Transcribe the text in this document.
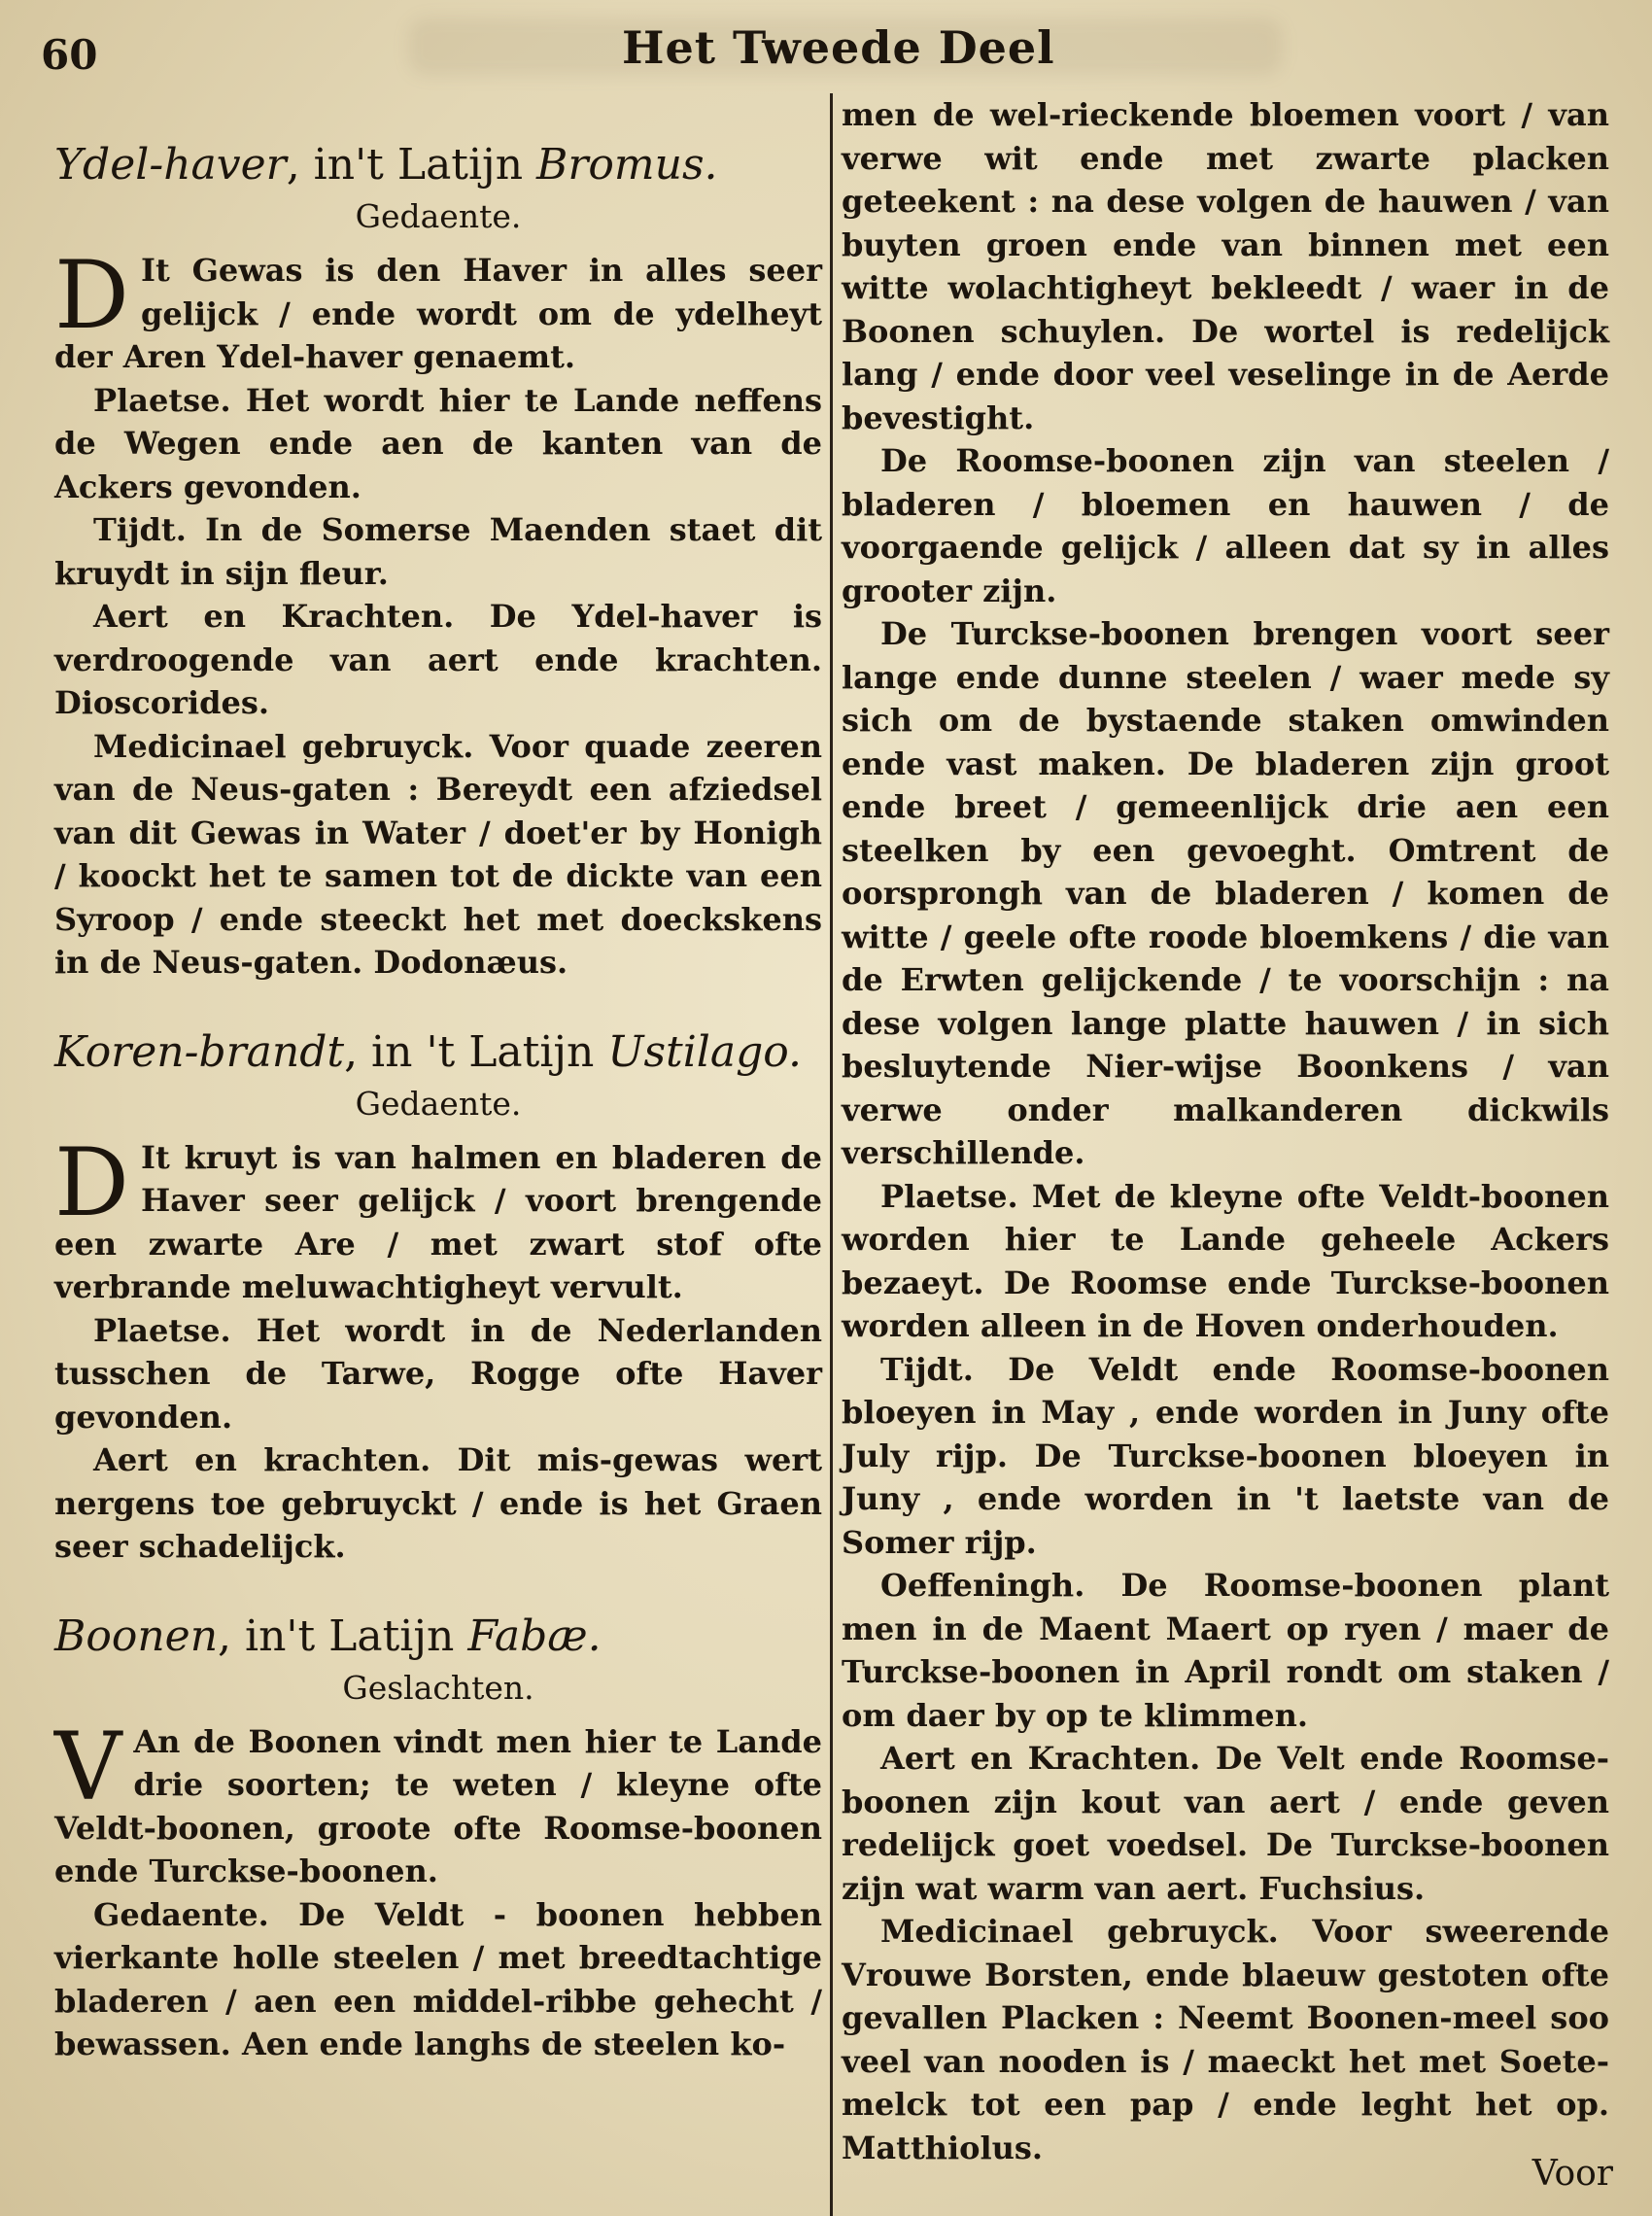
60	Het Tweede Deel
Ydel-haver, in't Latijn Bromus.
Gedaente.

D It Gewas is den Haver in alles seer gelijck / ende wordt om de ydelheyt der Aren Ydel-haver genaemt.

Plaetse. Het wordt hier te Lande neffens de Wegen ende aen de kanten van de Ackers gevonden.

Tijdt. In de Somerse Maenden staet dit kruydt in sijn fleur.

Aert en Krachten. De Ydel-haver is verdroogende van aert ende krachten. Dioscorides.

Medicinael gebruyck. Voor quade zeeren van de Neus-gaten : Bereydt een afziedsel van dit Gewas in Water / doet'er by Honigh / koockt het te samen tot de dickte van een Syroop / ende steeckt het met doeckskens in de Neus-gaten. Dodonæus.

Koren-brandt, in 't Latijn Ustilago.
Gedaente.

D It kruyt is van halmen en bladeren de Haver seer gelijck / voort brengende een zwarte Are / met zwart stof ofte verbrande meluwachtigheyt vervult.

Plaetse. Het wordt in de Nederlanden tusschen de Tarwe, Rogge ofte Haver gevonden.

Aert en krachten. Dit mis-gewas wert nergens toe gebruyckt / ende is het Graen seer schadelijck.

Boonen, in't Latijn Fabæ.
Geslachten.

V An de Boonen vindt men hier te Lande drie soorten; te weten / kleyne ofte Veldt-boonen, groote ofte Roomse-boonen ende Turckse-boonen.

Gedaente. De Veldt - boonen hebben vierkante holle steelen / met breedtachtige bladeren / aen een middel-ribbe gehecht / bewassen. Aen ende langhs de steelen ko-

men de wel-rieckende bloemen voort / van verwe wit ende met zwarte placken geteekent : na dese volgen de hauwen / van buyten groen ende van binnen met een witte wolachtigheyt bekleedt / waer in de Boonen schuylen. De wortel is redelijck lang / ende door veel veselinge in de Aerde bevestight.

De Roomse-boonen zijn van steelen / bladeren / bloemen en hauwen / de voorgaende gelijck / alleen dat sy in alles grooter zijn.

De Turckse-boonen brengen voort seer lange ende dunne steelen / waer mede sy sich om de bystaende staken omwinden ende vast maken. De bladeren zijn groot ende breet / gemeenlijck drie aen een steelken by een gevoeght. Omtrent de oorsprongh van de bladeren / komen de witte / geele ofte roode bloemkens / die van de Erwten gelijckende / te voorschijn : na dese volgen lange platte hauwen / in sich besluytende Nier-wijse Boonkens / van verwe onder malkanderen dickwils verschillende.

Plaetse. Met de kleyne ofte Veldt-boonen worden hier te Lande geheele Ackers bezaeyt. De Roomse ende Turckse-boonen worden alleen in de Hoven onderhouden.

Tijdt. De Veldt ende Roomse-boonen bloeyen in May , ende worden in Juny ofte July rijp. De Turckse-boonen bloeyen in Juny , ende worden in 't laetste van de Somer rijp.

Oeffeningh. De Roomse-boonen plant men in de Maent Maert op ryen / maer de Turckse-boonen in April rondt om staken / om daer by op te klimmen.

Aert en Krachten. De Velt ende Roomse-boonen zijn kout van aert / ende geven redelijck goet voedsel. De Turckse-boonen zijn wat warm van aert. Fuchsius.

Medicinael gebruyck. Voor sweerende Vrouwe Borsten, ende blaeuw gestoten ofte gevallen Placken : Neemt Boonen-meel soo veel van nooden is / maeckt het met Soete-melck tot een pap / ende leght het op. Matthiolus.

Voor
